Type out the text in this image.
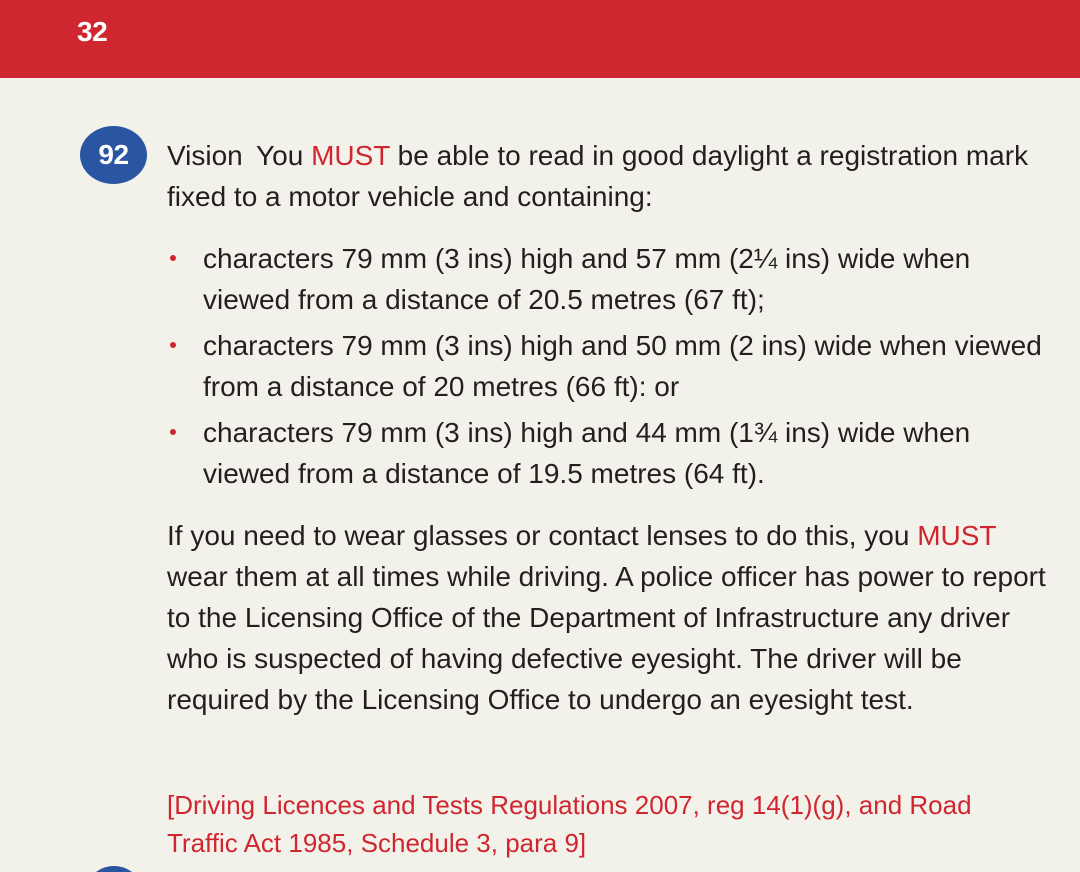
32
92	Vision You MUST be able to read in good daylight a registration mark fixed to a motor vehicle and containing:

characters 79 mm (3 ins) high and 57 mm (2¼ ins) wide when viewed from a distance of 20.5 metres (67 ft);
characters 79 mm (3 ins) high and 50 mm (2 ins) wide when viewed from a distance of 20 metres (66 ft): or
characters 79 mm (3 ins) high and 44 mm (1¾ ins) wide when viewed from a distance of 19.5 metres (64 ft).

If you need to wear glasses or contact lenses to do this, you MUST wear them at all times while driving. A police officer has power to report to the Licensing Office of the Department of Infrastructure any driver who is suspected of having defective eyesight. The driver will be required by the Licensing Office to undergo an eyesight test.

[Driving Licences and Tests Regulations 2007, reg 14(1)(g), and Road Traffic Act 1985, Schedule 3, para 9]
